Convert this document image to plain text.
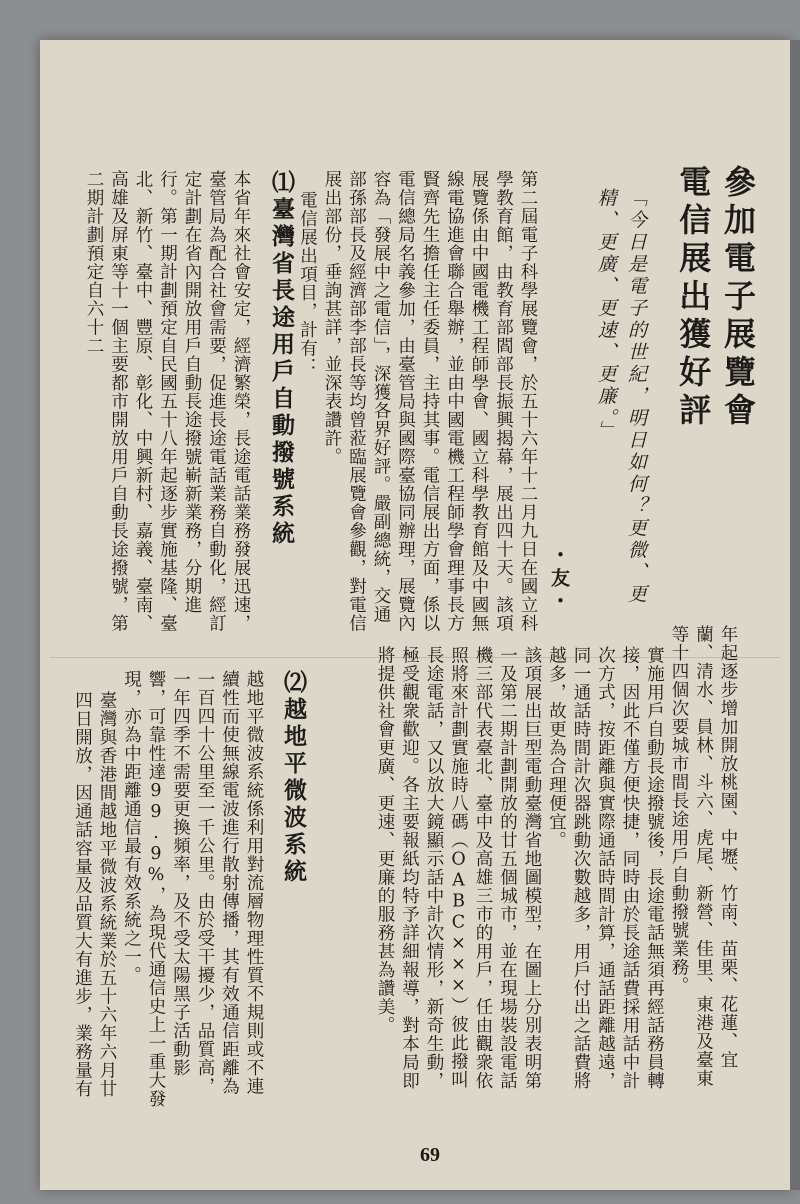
參加電子展覽會
電信展出獲好評
「今日是電子的世紀，明日如何？更微、更精、更廣、更速、更廉。」
・友・
第二屆電子科學展覽會，於五十六年十二月九日在國立科學教育館，由教育部閻部長振興揭幕，展出四十天。該項展覽係由中國電機工程師學會、國立科學教育館及中國無線電協進會聯合舉辦，並由中國電機工程師學會理事長方賢齊先生擔任主任委員，主持其事。電信展出方面，係以電信總局名義參加，由臺管局與國際臺協同辦理，展覽內容為「發展中之電信」，深獲各界好評。嚴副總統，交通部孫部長及經濟部李部長等均曾蒞臨展覽會參觀，對電信展出部份，垂詢甚詳，並深表讚許。
電信展出項目，計有：
⑴臺灣省長途用戶自動撥號系統
本省年來社會安定，經濟繁榮，長途電話業務發展迅速，臺管局為配合社會需要，促進長途電話業務自動化，經訂定計劃在省內開放用戶自動長途撥號嶄新業務，分期進行。第一期計劃預定自民國五十八年起逐步實施基隆、臺北、新竹、臺中、豐原、彰化、中興新村、嘉義、臺南、高雄及屏東等十一個主要都市開放用戶自動長途撥號，第二期計劃預定自六十二
年起逐步增加開放桃園、中壢、竹南、苗栗、花蓮、宜蘭、清水、員林、斗六、虎尾、新營、佳里、東港及臺東等十四個次要城市間長途用戶自動撥號業務。
實施用戶自動長途撥號後，長途電話無須再經話務員轉接，因此不僅方便快捷，同時由於長途話費採用話中計次方式，按距離與實際通話時間計算，通話距離越遠，同一通話時間計次器跳動次數越多，用戶付出之話費將越多，故更為合理便宜。
該項展出巨型電動臺灣省地圖模型，在圖上分別表明第一及第二期計劃開放的廿五個城市，並在現場裝設電話機三部代表臺北、臺中及高雄三市的用戶，任由觀衆依照將來計劃實施時八碼（OABC×××）彼此撥叫長途電話，又以放大鏡顯示話中計次情形，新奇生動，極受觀衆歡迎。各主要報紙均特予詳細報導，對本局即將提供社會更廣、更速、更廉的服務甚為讚美。
⑵越地平微波系統
越地平微波系統係利用對流層物理性質不規則或不連續性而使無線電波進行散射傳播，其有效通信距離為一百四十公里至一千公里。由於受干擾少，品質高，一年四季不需要更換頻率，及不受太陽黑子活動影響，可靠性達99.9%，為現代通信史上一重大發現，亦為中距離通信最有效系統之一。
臺灣與香港間越地平微波系統業於五十六年六月廿四日開放，因通話容量及品質大有進步，業務量有
69
